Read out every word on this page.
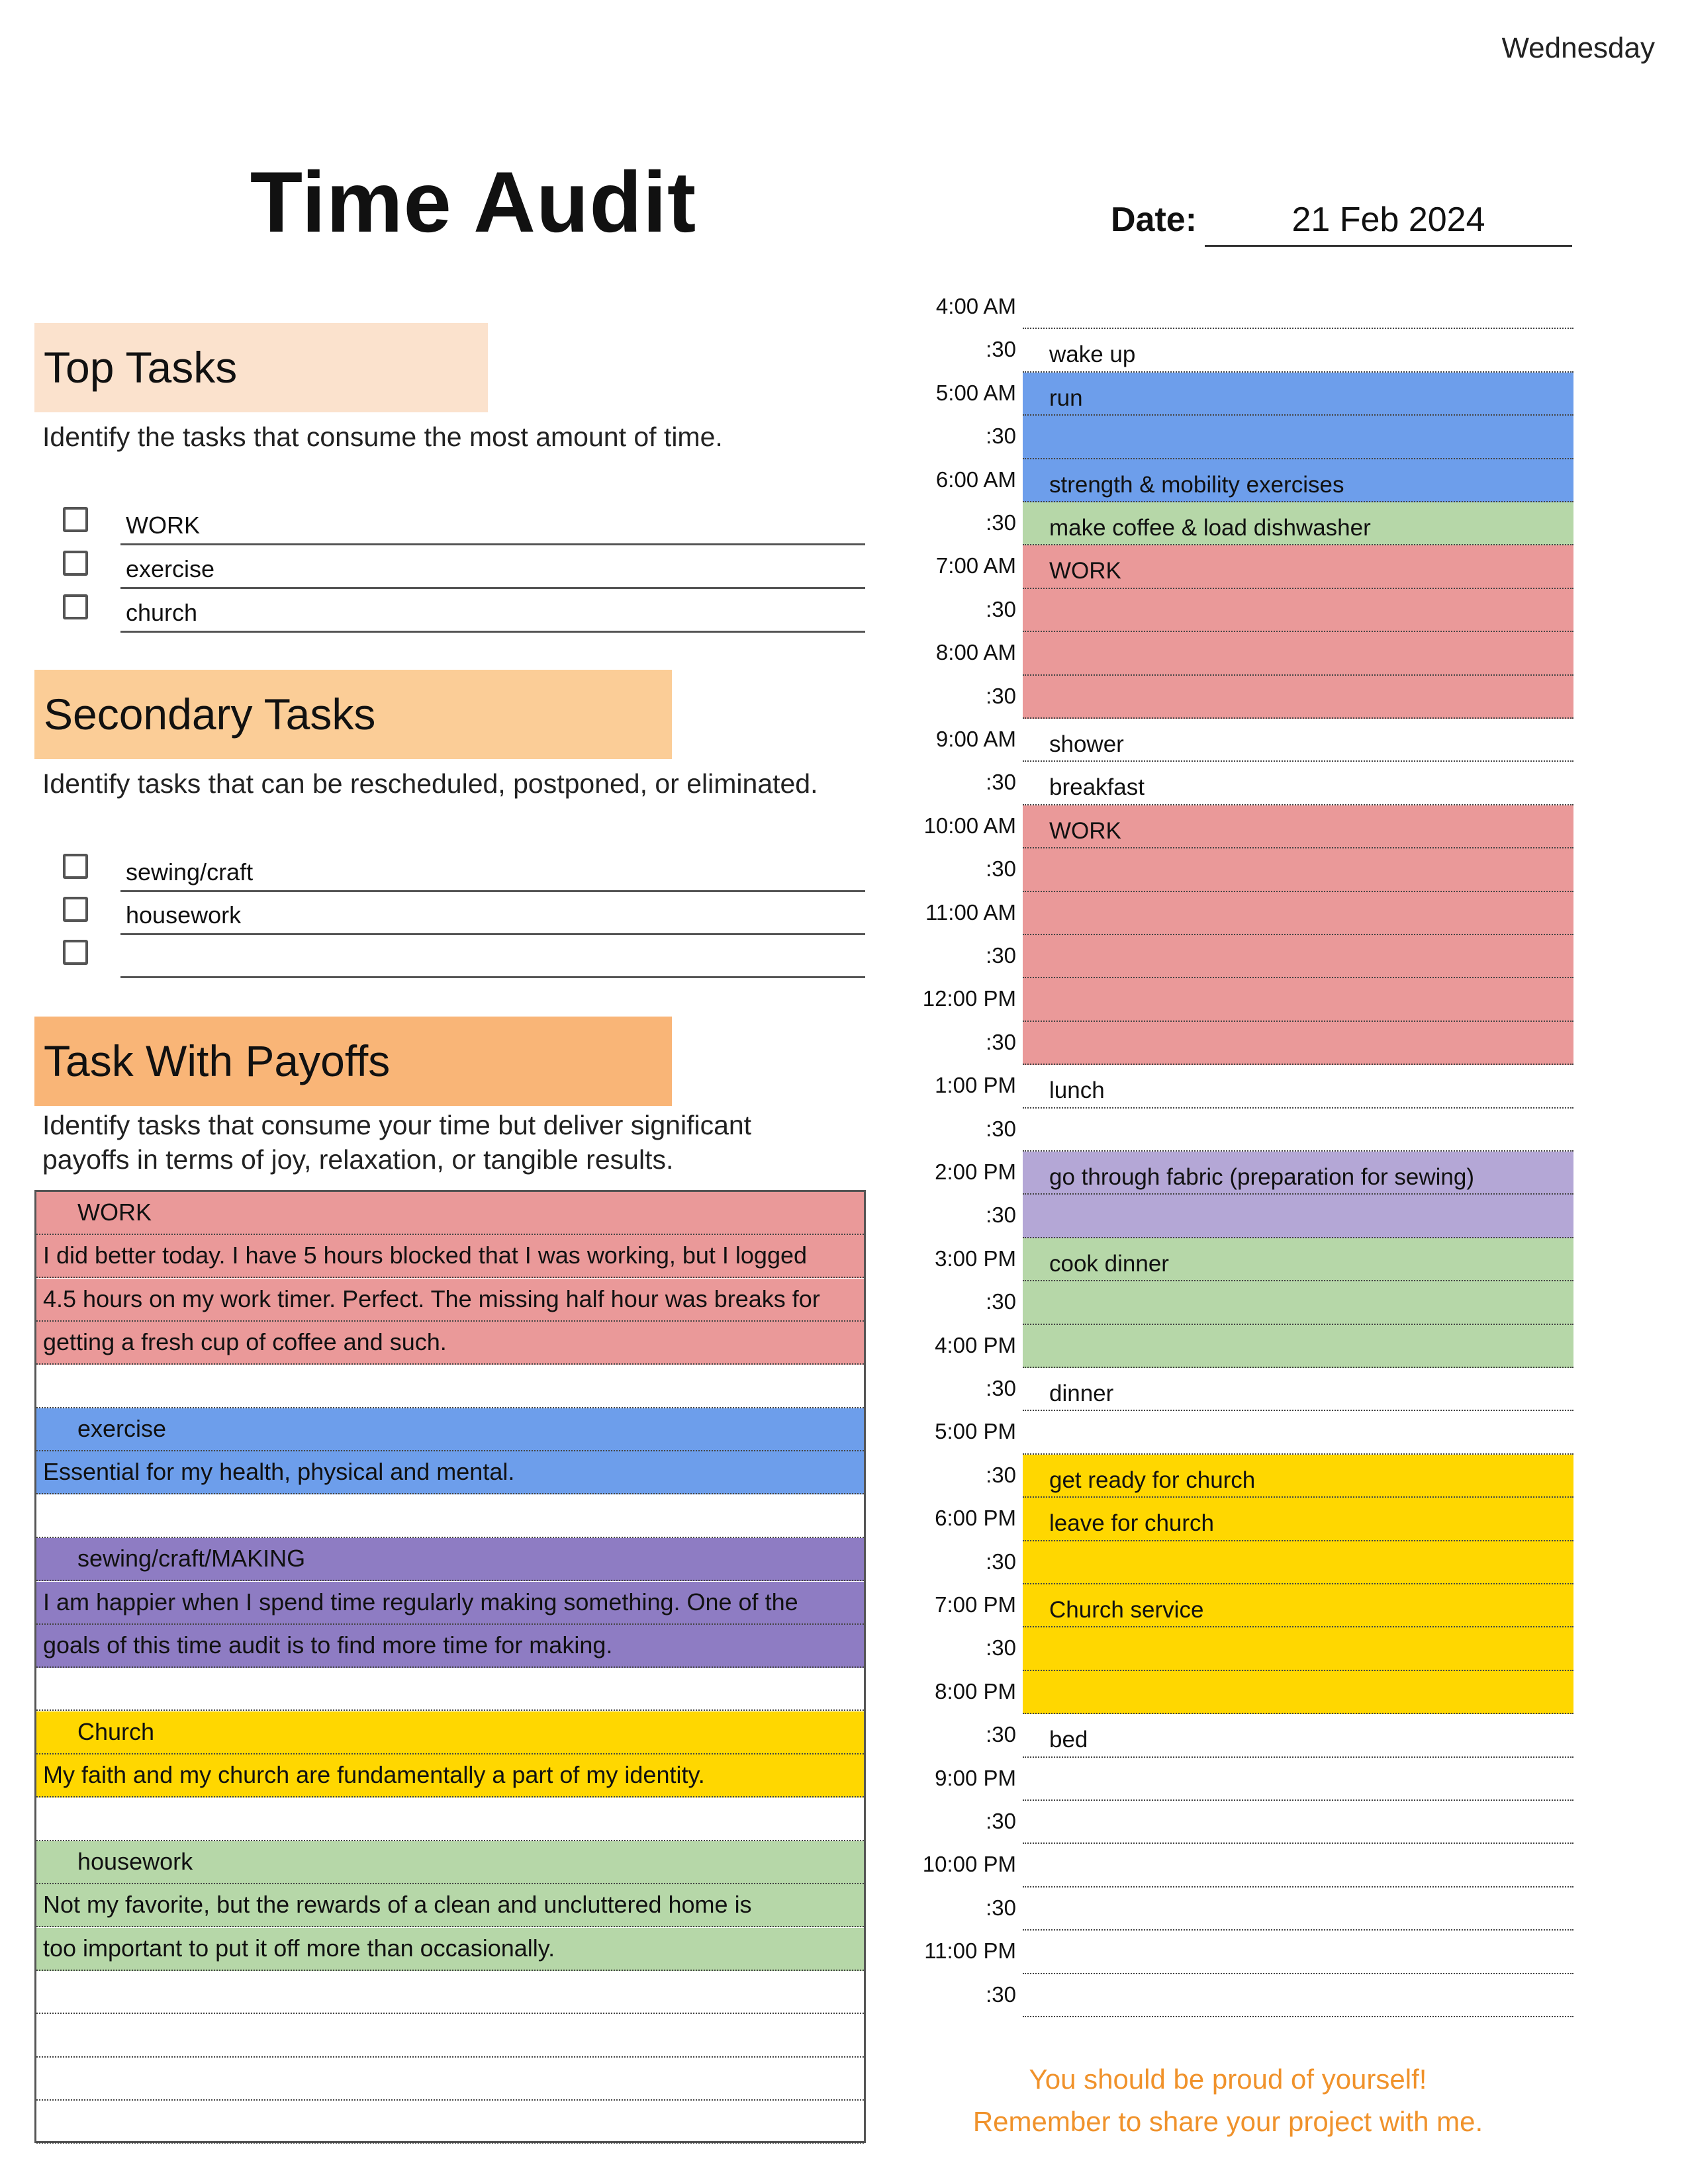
Wednesday
Time Audit	Date:	21 Feb 2024
Top Tasks
Identify the tasks that consume the most amount of time.
WORK
exercise
church
Secondary Tasks
Identify tasks that can be rescheduled, postponed, or eliminated.
sewing/craft
housework
Task With Payoffs
Identify tasks that consume your time but deliver significant
payoffs in terms of joy, relaxation, or tangible results.
WORK
I did better today. I have 5 hours blocked that I was working, but I logged
4.5 hours on my work timer. Perfect. The missing half hour was breaks for
getting a fresh cup of coffee and such.
exercise
Essential for my health, physical and mental.
sewing/craft/MAKING
I am happier when I spend time regularly making something. One of the
goals of this time audit is to find more time for making.
Church
My faith and my church are fundamentally a part of my identity.
housework
Not my favorite, but the rewards of a clean and uncluttered home is
too important to put it off more than occasionally.
4:00 AM
:30	wake up
5:00 AM	run
:30
6:00 AM	strength & mobility exercises
:30	make coffee & load dishwasher
7:00 AM	WORK
:30
8:00 AM
:30
9:00 AM	shower
:30	breakfast
10:00 AM	WORK
:30
11:00 AM
:30
12:00 PM
:30
1:00 PM	lunch
:30
2:00 PM	go through fabric (preparation for sewing)
:30
3:00 PM	cook dinner
:30
4:00 PM
:30	dinner
5:00 PM
:30	get ready for church
6:00 PM	leave for church
:30
7:00 PM	Church service
:30
8:00 PM
:30	bed
9:00 PM
:30
10:00 PM
:30
11:00 PM
:30
You should be proud of yourself!
Remember to share your project with me.
